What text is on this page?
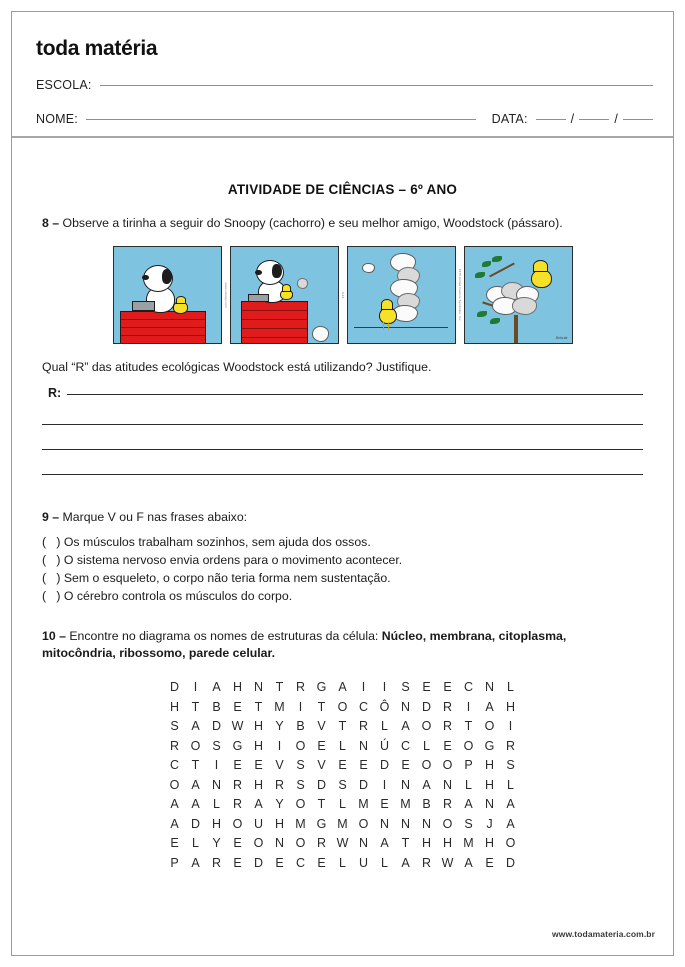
toda matéria
ESCOLA:
NOME:	DATA:	/	/
ATIVIDADE DE CIÊNCIAS – 6º ANO
8 – Observe a tirinha a seguir do Snoopy (cachorro) e seu melhor amigo, Woodstock (pássaro).
www.snoopy.com	3-24	1975 United Feature Syndicate, Inc.
Schulz
Qual “R” das atitudes ecológicas Woodstock está utilizando? Justifique.
R:
9 – Marque V ou F nas frases abaixo:
(   ) Os músculos trabalham sozinhos, sem ajuda dos ossos.
(   ) O sistema nervoso envia ordens para o movimento acontecer.
(   ) Sem o esqueleto, o corpo não teria forma nem sustentação.
(   ) O cérebro controla os músculos do corpo.
10 – Encontre no diagrama os nomes de estruturas da célula: Núcleo, membrana, citoplasma, mitocôndria, ribossomo, parede celular.
D	I	A	H	N	T	R	G	A	I	I	S	E	E	C	N	L
H	T	B	E	T	M	I	T	O	C	Ô	N	D	R	I	A	H
S	A	D	W	H	Y	B	V	T	R	L	A	O	R	T	O	I
R	O	S	G	H	I	O	E	L	N	Ú	C	L	E	O	G	R
C	T	I	E	E	V	S	V	E	E	D	E	O	O	P	H	S
O	A	N	R	H	R	S	D	S	D	I	N	A	N	L	H	L
A	A	L	R	A	Y	O	T	L	M	E	M	B	R	A	N	A
A	D	H	O	U	H	M	G	M	O	N	N	N	O	S	J	A
E	L	Y	E	O	N	O	R	W	N	A	T	H	H	M	H	O
P	A	R	E	D	E	C	E	L	U	L	A	R	W	A	E	D
www.todamateria.com.br
